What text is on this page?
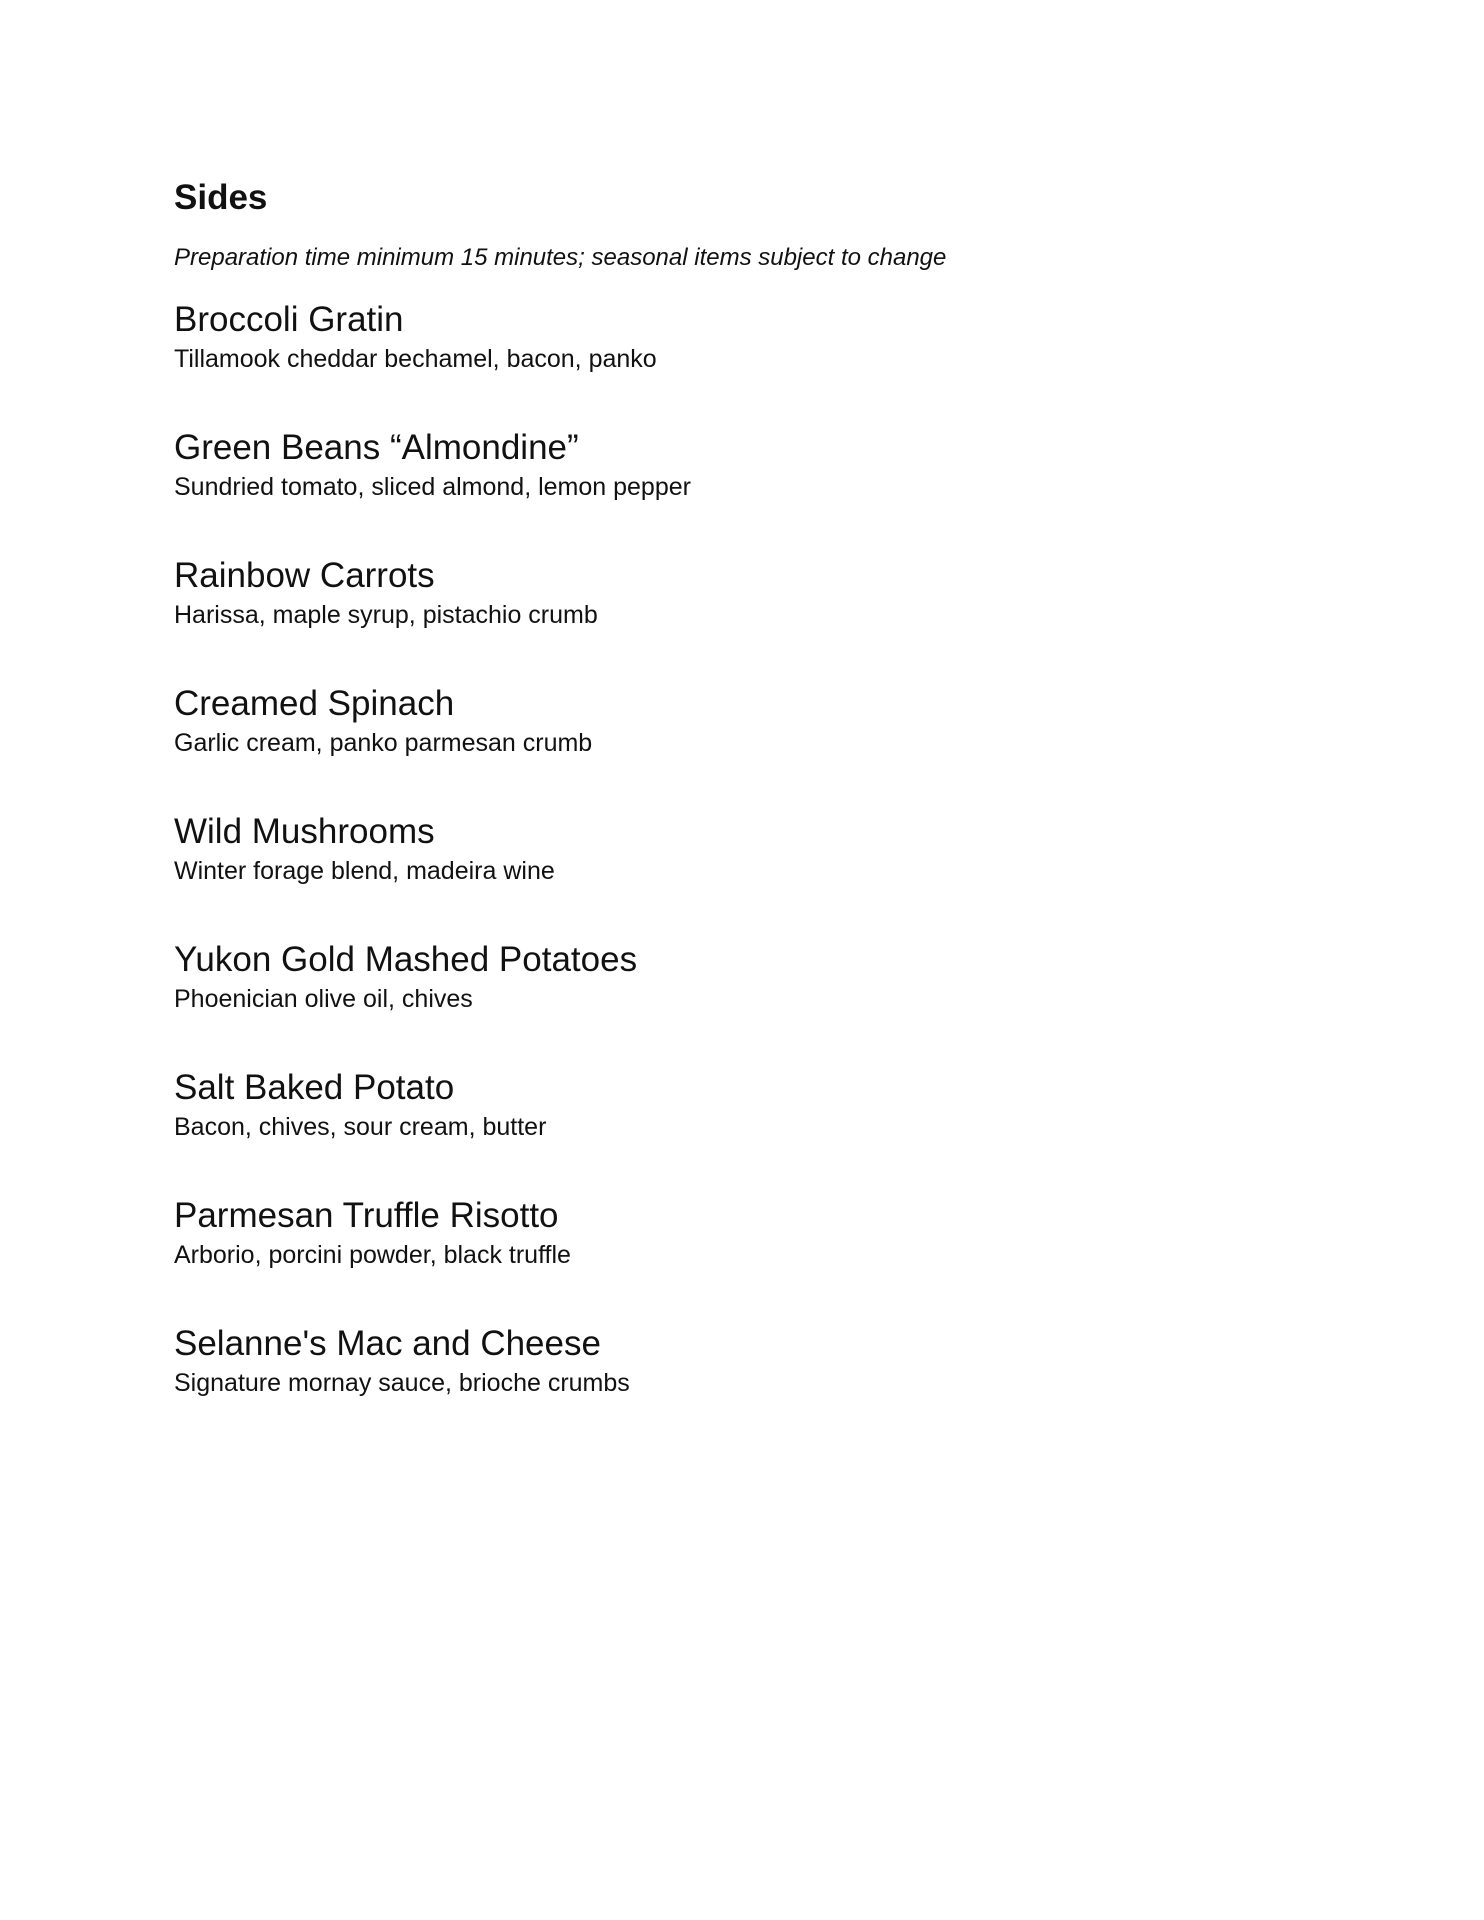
Sides

Preparation time minimum 15 minutes; seasonal items subject to change

Broccoli Gratin
Tillamook cheddar bechamel, bacon, panko
Green Beans “Almondine”
Sundried tomato, sliced almond, lemon pepper
Rainbow Carrots
Harissa, maple syrup, pistachio crumb
Creamed Spinach
Garlic cream, panko parmesan crumb
Wild Mushrooms
Winter forage blend, madeira wine
Yukon Gold Mashed Potatoes
Phoenician olive oil, chives
Salt Baked Potato
Bacon, chives, sour cream, butter
Parmesan Truffle Risotto
Arborio, porcini powder, black truffle
Selanne's Mac and Cheese
Signature mornay sauce, brioche crumbs
